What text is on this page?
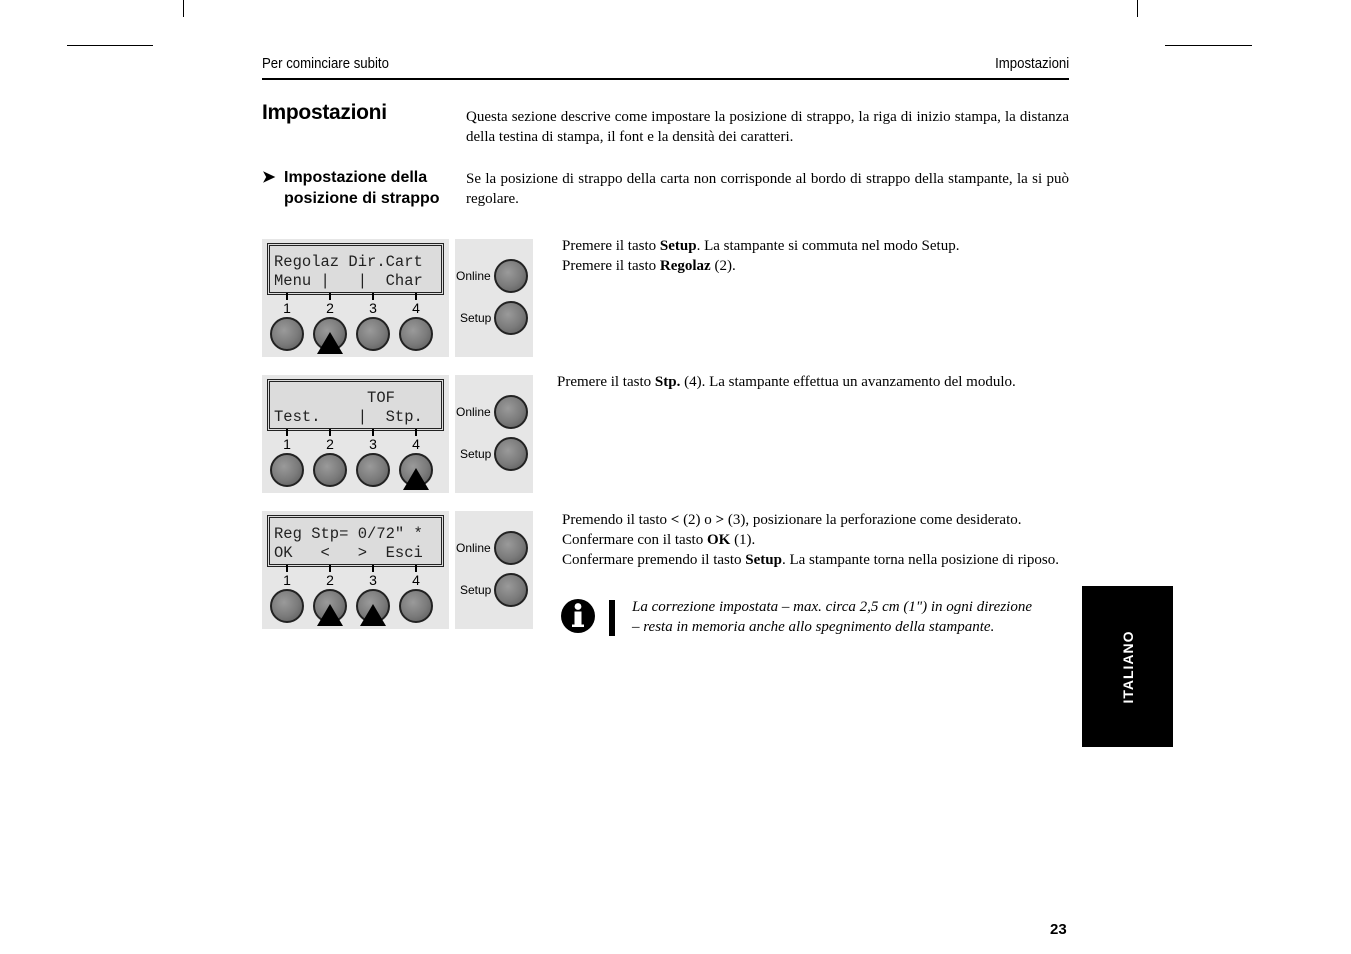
Per cominciare subito	Impostazioni
Impostazioni	Questa sezione descrive come impostare la posizione di strappo, la riga di inizio stampa, la distanza della testina di stampa, il font e la densità dei caratteri.
➤ Impostazione della
posizione di strappo
Se la posizione di strappo della carta non corrisponde al bordo di strappo della stampante, la si può regolare.
Regolaz Dir.Cart
Menu |   |  Char
1	2	3	4
Online
Setup
Premere il tasto Setup. La stampante si commuta nel modo Setup.
Premere il tasto Regolaz (2).
TOF
Test.    |  Stp.
1	2	3	4
Online
Setup
Premere il tasto Stp. (4). La stampante effettua un avanzamento del modulo.
Reg Stp= 0/72" *
OK   <   >  Esci
1	2	3	4
Online
Setup
Premendo il tasto < (2) o > (3), posizionare la perforazione come desiderato.
Confermare con il tasto OK (1).
Confermare premendo il tasto Setup. La stampante torna nella posizione di riposo.
La correzione impostata – max. circa 2,5 cm (1") in ogni direzione
– resta in memoria anche allo spegnimento della stampante.
ITALIANO
23
